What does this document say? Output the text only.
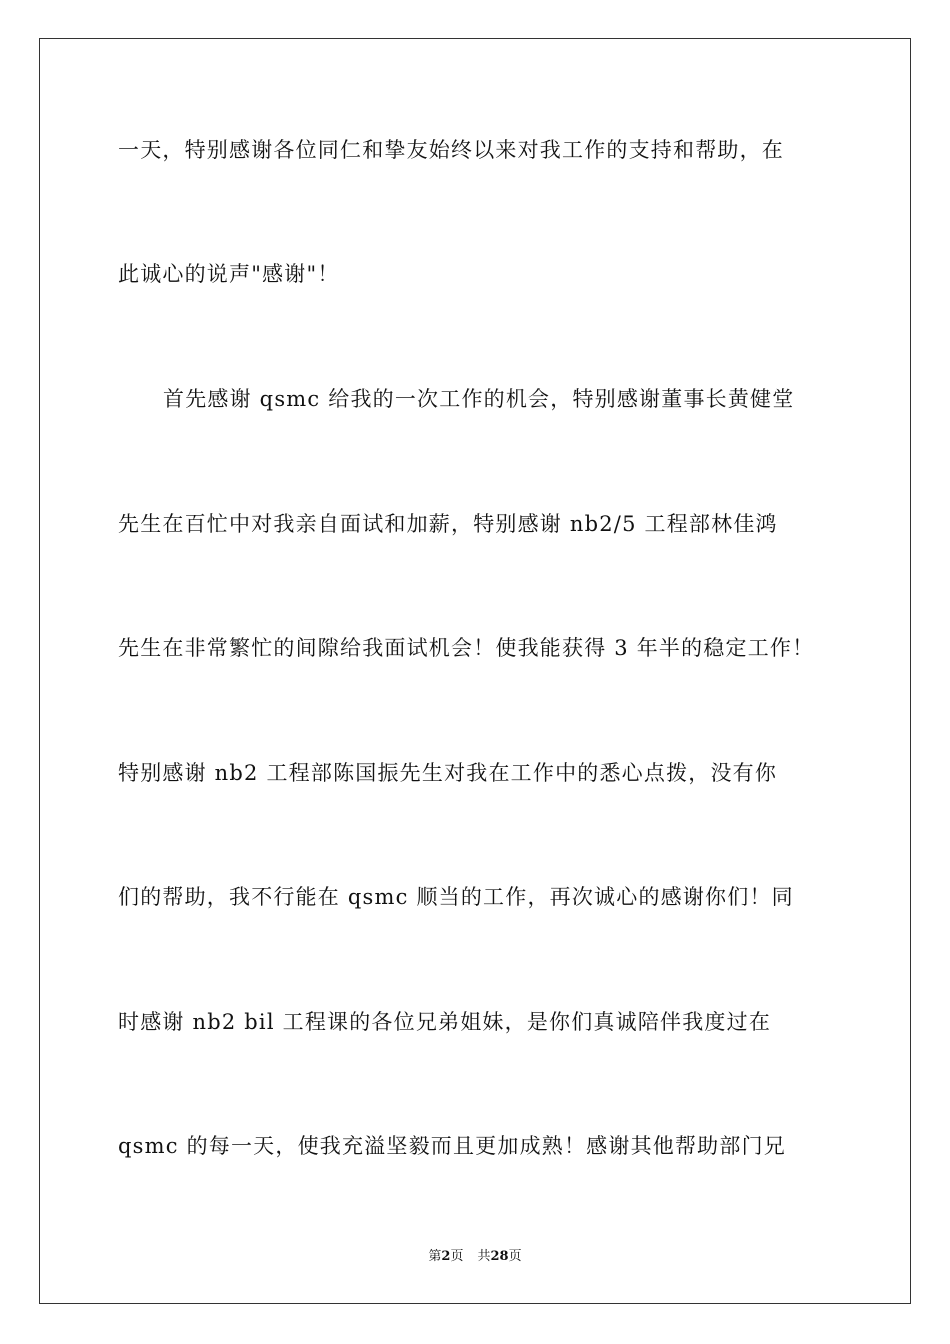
一天，特别感谢各位同仁和挚友始终以来对我工作的支持和帮助，在
此诚心的说声"感谢"！
首先感谢 qsmc 给我的一次工作的机会，特别感谢董事长黄健堂
先生在百忙中对我亲自面试和加薪，特别感谢 nb2/5 工程部林佳鸿
先生在非常繁忙的间隙给我面试机会！使我能获得 3 年半的稳定工作！
特别感谢 nb2 工程部陈国振先生对我在工作中的悉心点拨，没有你
们的帮助，我不行能在 qsmc 顺当的工作，再次诚心的感谢你们！同
时感谢 nb2 bil 工程课的各位兄弟姐妹，是你们真诚陪伴我度过在
qsmc 的每一天，使我充溢坚毅而且更加成熟！感谢其他帮助部门兄
第2页 共28页
